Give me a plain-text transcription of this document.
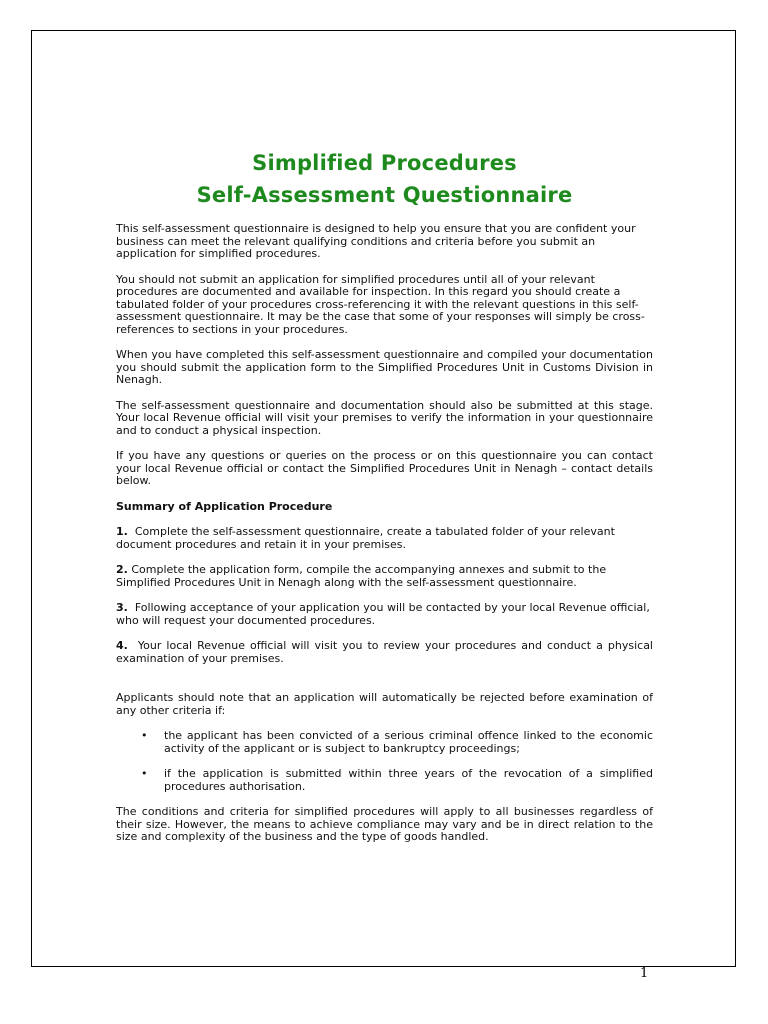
Simplified Procedures
Self-Assessment Questionnaire

This self-assessment questionnaire is designed to help you ensure that you are confident your business can meet the relevant qualifying conditions and criteria before you submit an application for simplified procedures.

You should not submit an application for simplified procedures until all of your relevant procedures are documented and available for inspection. In this regard you should create a tabulated folder of your procedures cross-referencing it with the relevant questions in this self-assessment questionnaire. It may be the case that some of your responses will simply be cross-references to sections in your procedures.

When you have completed this self-assessment questionnaire and compiled your documentation you should submit the application form to the Simplified Procedures Unit in Customs Division in Nenagh.

The self-assessment questionnaire and documentation should also be submitted at this stage. Your local Revenue official will visit your premises to verify the information in your questionnaire and to conduct a physical inspection.

If you have any questions or queries on the process or on this questionnaire you can contact your local Revenue official or contact the Simplified Procedures Unit in Nenagh – contact details below.

Summary of Application Procedure

1.  Complete the self-assessment questionnaire, create a tabulated folder of your relevant document procedures and retain it in your premises.

2. Complete the application form, compile the accompanying annexes and submit to the Simplified Procedures Unit in Nenagh along with the self-assessment questionnaire.

3.  Following acceptance of your application you will be contacted by your local Revenue official, who will request your documented procedures.

4.  Your local Revenue official will visit you to review your procedures and conduct a physical examination of your premises.

Applicants should note that an application will automatically be rejected before examination of any other criteria if:

• the applicant has been convicted of a serious criminal offence linked to the economic activity of the applicant or is subject to bankruptcy proceedings;
• if the application is submitted within three years of the revocation of a simplified procedures authorisation.

The conditions and criteria for simplified procedures will apply to all businesses regardless of their size. However, the means to achieve compliance may vary and be in direct relation to the size and complexity of the business and the type of goods handled.

1
